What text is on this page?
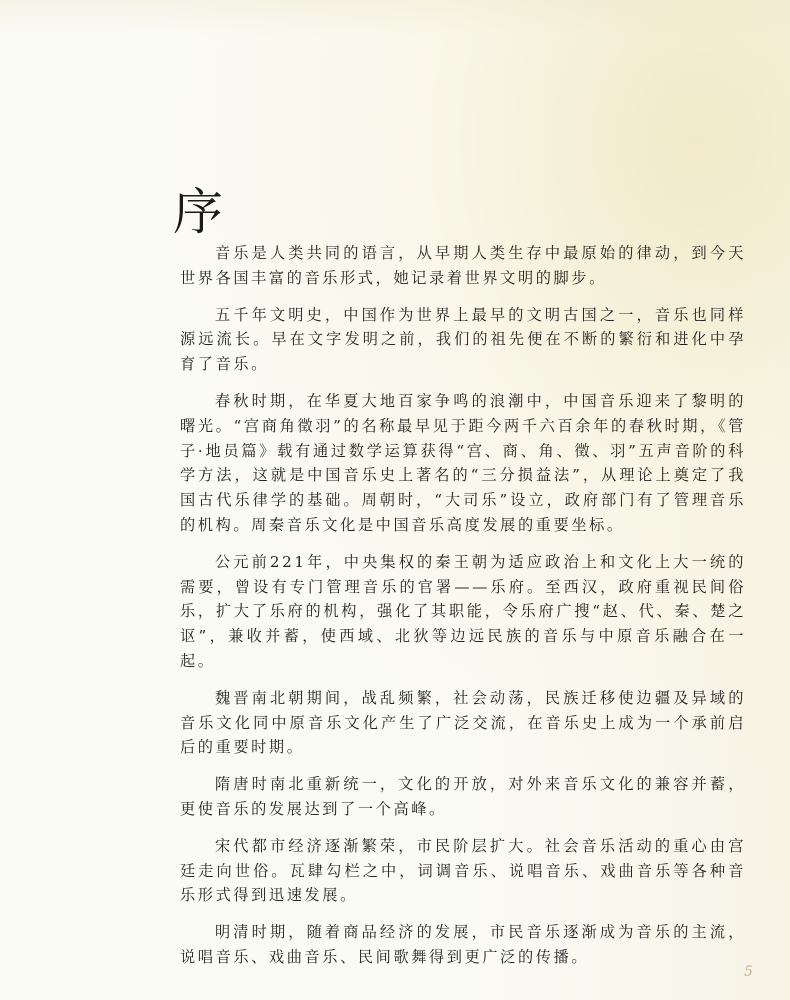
序

音乐是人类共同的语言，从早期人类生存中最原始的律动，到今天世界各国丰富的音乐形式，她记录着世界文明的脚步。

五千年文明史，中国作为世界上最早的文明古国之一，音乐也同样源远流长。早在文字发明之前，我们的祖先便在不断的繁衍和进化中孕育了音乐。

春秋时期，在华夏大地百家争鸣的浪潮中，中国音乐迎来了黎明的曙光。“宫商角徵羽”的名称最早见于距今两千六百余年的春秋时期，《管子·地员篇》载有通过数学运算获得“宫、商、角、徵、羽”五声音阶的科学方法，这就是中国音乐史上著名的“三分损益法”，从理论上奠定了我国古代乐律学的基础。周朝时，“大司乐”设立，政府部门有了管理音乐的机构。周秦音乐文化是中国音乐高度发展的重要坐标。

公元前221年，中央集权的秦王朝为适应政治上和文化上大一统的需要，曾设有专门管理音乐的官署——乐府。至西汉，政府重视民间俗乐，扩大了乐府的机构，强化了其职能，令乐府广搜“赵、代、秦、楚之讴”，兼收并蓄，使西域、北狄等边远民族的音乐与中原音乐融合在一起。

魏晋南北朝期间，战乱频繁，社会动荡，民族迁移使边疆及异域的音乐文化同中原音乐文化产生了广泛交流，在音乐史上成为一个承前启后的重要时期。

隋唐时南北重新统一，文化的开放，对外来音乐文化的兼容并蓄，更使音乐的发展达到了一个高峰。

宋代都市经济逐渐繁荣，市民阶层扩大。社会音乐活动的重心由宫廷走向世俗。瓦肆勾栏之中，词调音乐、说唱音乐、戏曲音乐等各种音乐形式得到迅速发展。

明清时期，随着商品经济的发展，市民音乐逐渐成为音乐的主流，说唱音乐、戏曲音乐、民间歌舞得到更广泛的传播。

5
